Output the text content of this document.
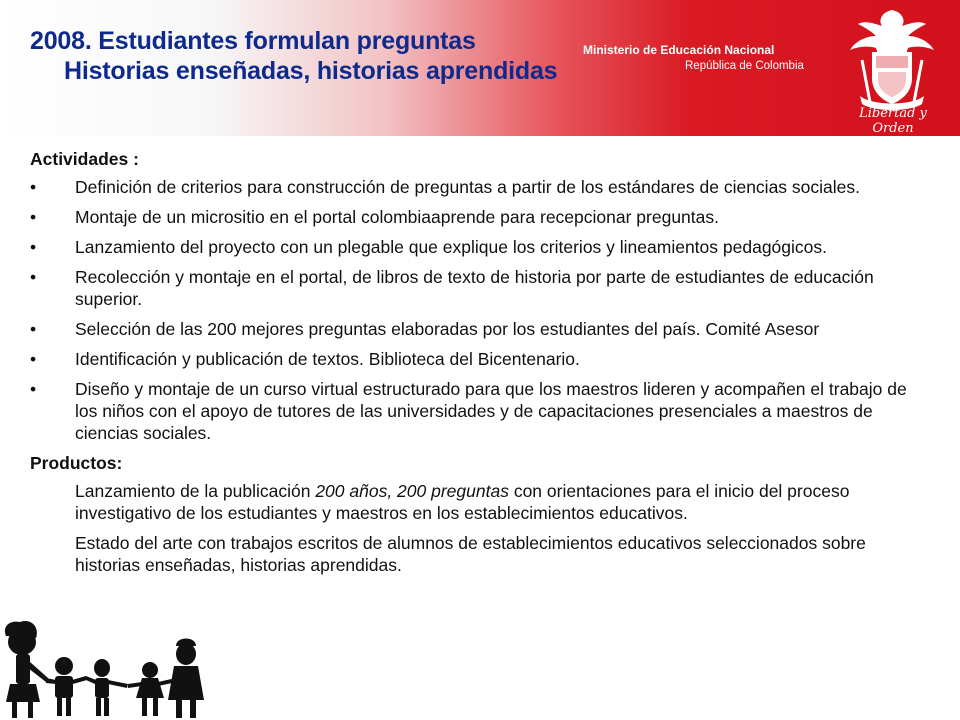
2008. Estudiantes formulan preguntas
Historias enseñadas, historias aprendidas
Ministerio de Educación Nacional
República de Colombia
Libertad y Orden
Actividades :
• Definición de criterios para construcción de preguntas a partir de los estándares de ciencias sociales.
• Montaje de un micrositio en el portal colombiaaprende para recepcionar preguntas.
• Lanzamiento del proyecto con un plegable que explique los criterios y lineamientos pedagógicos.
• Recolección y montaje en el portal, de libros de texto de historia por parte de estudiantes de educación superior.
• Selección de las 200 mejores preguntas elaboradas por los estudiantes del país. Comité Asesor
• Identificación y publicación de textos. Biblioteca del Bicentenario.
• Diseño y montaje de un curso virtual estructurado para que los maestros lideren y acompañen el trabajo de los niños con el apoyo de tutores de las universidades y de capacitaciones presenciales a maestros de ciencias sociales.
Productos:

Lanzamiento de la publicación 200 años, 200 preguntas con orientaciones para el inicio del proceso investigativo de los estudiantes y maestros en los establecimientos educativos.

Estado del arte con trabajos escritos de alumnos de establecimientos educativos seleccionados sobre historias enseñadas, historias aprendidas.
